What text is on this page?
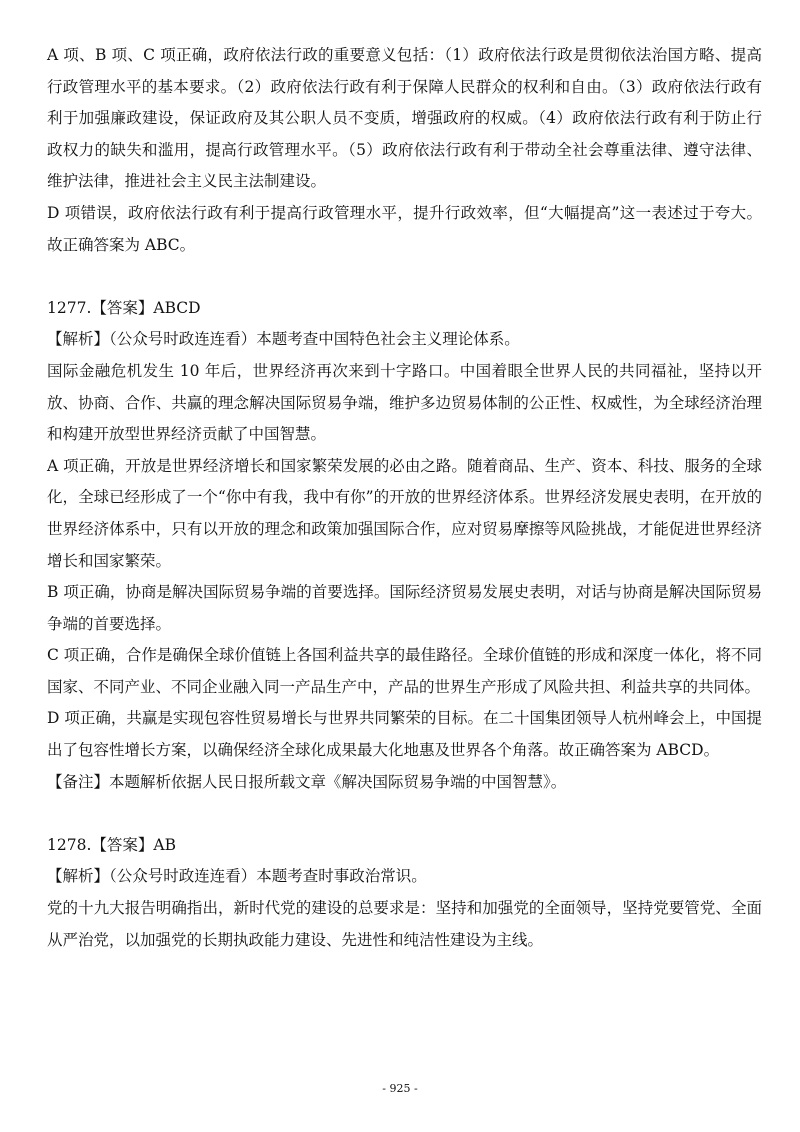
A 项、B 项、C 项正确，政府依法行政的重要意义包括：（1）政府依法行政是贯彻依法治国方略、提高行政管理水平的基本要求。（2）政府依法行政有利于保障人民群众的权利和自由。（3）政府依法行政有利于加强廉政建设，保证政府及其公职人员不变质，增强政府的权威。（4）政府依法行政有利于防止行政权力的缺失和滥用，提高行政管理水平。（5）政府依法行政有利于带动全社会尊重法律、遵守法律、维护法律，推进社会主义民主法制建设。

D 项错误，政府依法行政有利于提高行政管理水平，提升行政效率，但“大幅提高”这一表述过于夸大。故正确答案为 ABC。

1277.【答案】ABCD

【解析】（公众号时政连连看）本题考查中国特色社会主义理论体系。

国际金融危机发生 10 年后，世界经济再次来到十字路口。中国着眼全世界人民的共同福祉，坚持以开放、协商、合作、共赢的理念解决国际贸易争端，维护多边贸易体制的公正性、权威性，为全球经济治理和构建开放型世界经济贡献了中国智慧。

A 项正确，开放是世界经济增长和国家繁荣发展的必由之路。随着商品、生产、资本、科技、服务的全球化，全球已经形成了一个“你中有我，我中有你”的开放的世界经济体系。世界经济发展史表明，在开放的世界经济体系中，只有以开放的理念和政策加强国际合作，应对贸易摩擦等风险挑战，才能促进世界经济增长和国家繁荣。

B 项正确，协商是解决国际贸易争端的首要选择。国际经济贸易发展史表明，对话与协商是解决国际贸易争端的首要选择。

C 项正确，合作是确保全球价值链上各国利益共享的最佳路径。全球价值链的形成和深度一体化，将不同国家、不同产业、不同企业融入同一产品生产中，产品的世界生产形成了风险共担、利益共享的共同体。

D 项正确，共赢是实现包容性贸易增长与世界共同繁荣的目标。在二十国集团领导人杭州峰会上，中国提出了包容性增长方案，以确保经济全球化成果最大化地惠及世界各个角落。故正确答案为 ABCD。

【备注】本题解析依据人民日报所载文章《解决国际贸易争端的中国智慧》。

1278.【答案】AB

【解析】（公众号时政连连看）本题考查时事政治常识。

党的十九大报告明确指出，新时代党的建设的总要求是：坚持和加强党的全面领导，坚持党要管党、全面从严治党，以加强党的长期执政能力建设、先进性和纯洁性建设为主线。

- 925 -
